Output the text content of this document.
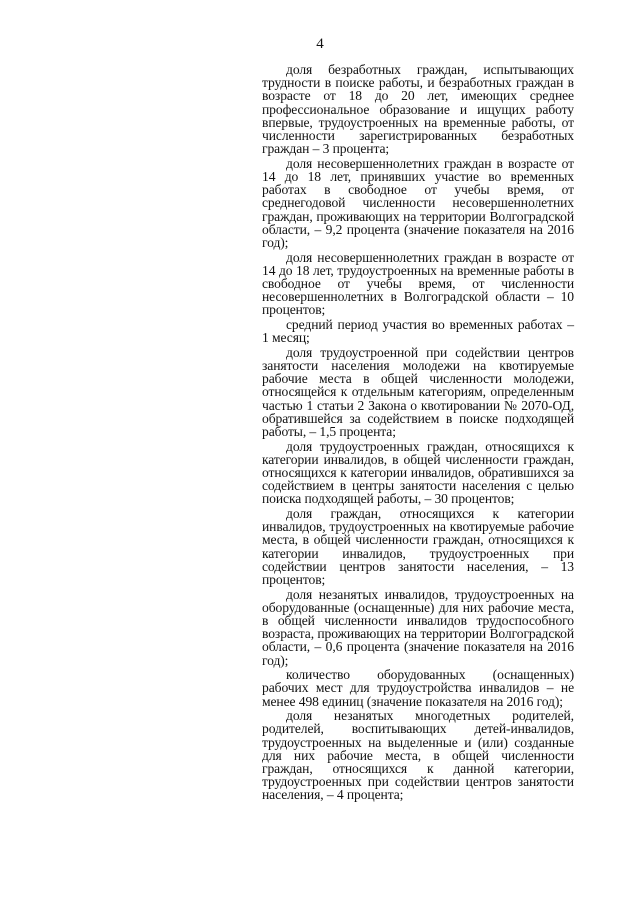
4

доля безработных граждан, испытывающих трудности в поиске работы, и безработных граждан в возрасте от 18 до 20 лет, имеющих среднее профессиональное образование и ищущих работу впервые, трудоустроенных на временные работы, от численности зарегистрированных безработных граждан – 3 процента;

доля несовершеннолетних граждан в возрасте от 14 до 18 лет, принявших участие во временных работах в свободное от учебы время, от среднегодовой численности несовершеннолетних граждан, проживающих на территории Волгоградской области, – 9,2 процента (значение показателя на 2016 год);

доля несовершеннолетних граждан в возрасте от 14 до 18 лет, трудоустроенных на временные работы в свободное от учебы время, от численности несовершеннолетних в Волгоградской области – 10 процентов;

средний период участия во временных работах – 1 месяц;

доля трудоустроенной при содействии центров занятости населения молодежи на квотируемые рабочие места в общей численности молодежи, относящейся к отдельным категориям, определенным частью 1 статьи 2 Закона о квотировании № 2070-ОД, обратившейся за содействием в поиске подходящей работы, – 1,5 процента;

доля трудоустроенных граждан, относящихся к категории инвалидов, в общей численности граждан, относящихся к категории инвалидов, обратившихся за содействием в центры занятости населения с целью поиска подходящей работы, – 30 процентов;

доля граждан, относящихся к категории инвалидов, трудоустроенных на квотируемые рабочие места, в общей численности граждан, относящихся к категории инвалидов, трудоустроенных при содействии центров занятости населения, – 13 процентов;

доля незанятых инвалидов, трудоустроенных на оборудованные (оснащенные) для них рабочие места, в общей численности инвалидов трудоспособного возраста, проживающих на территории Волгоградской области, – 0,6 процента (значение показателя на 2016 год);

количество оборудованных (оснащенных) рабочих мест для трудоустройства инвалидов – не менее 498 единиц (значение показателя на 2016 год);

доля незанятых многодетных родителей, родителей, воспитывающих детей-инвалидов, трудоустроенных на выделенные и (или) созданные для них рабочие места, в общей численности граждан, относящихся к данной категории, трудоустроенных при содействии центров занятости населения, – 4 процента;
